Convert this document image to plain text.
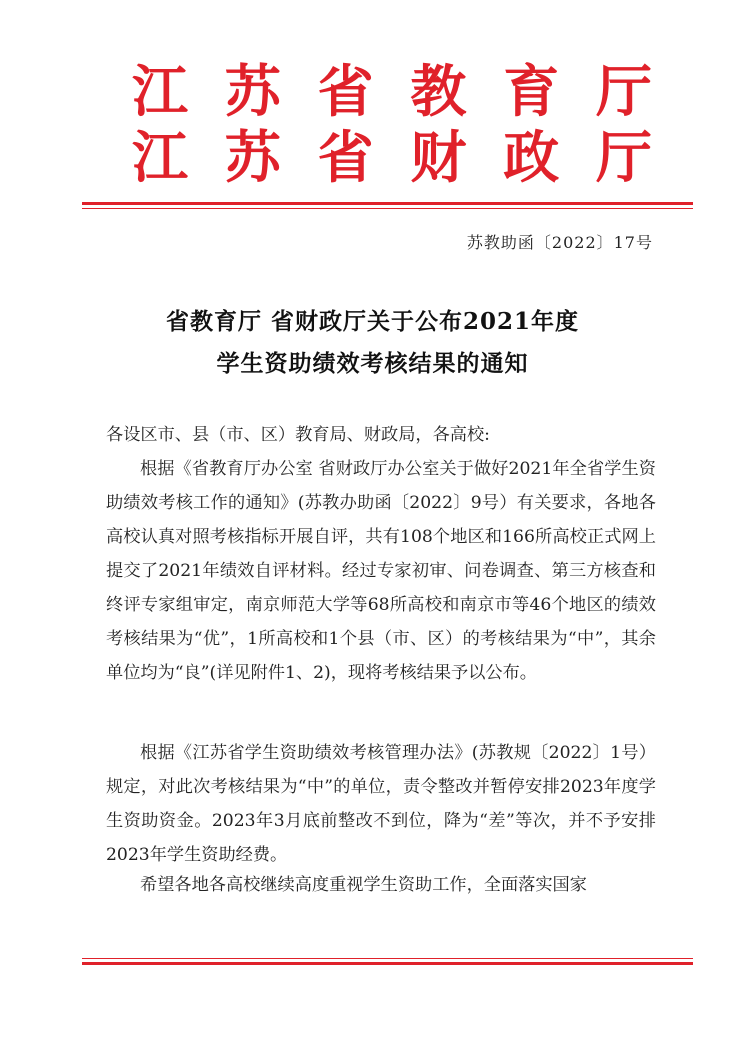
江 苏 省 教 育 厅
江 苏 省 财 政 厅
苏教助函〔2022〕17号
省教育厅 省财政厅关于公布2021年度
学生资助绩效考核结果的通知
各设区市、县（市、区）教育局、财政局，各高校:
根据《省教育厅办公室 省财政厅办公室关于做好2021年全省学生资助绩效考核工作的通知》(苏教办助函〔2022〕9号）有关要求，各地各高校认真对照考核指标开展自评，共有108个地区和166所高校正式网上提交了2021年绩效自评材料。经过专家初审、问卷调查、第三方核查和终评专家组审定，南京师范大学等68所高校和南京市等46个地区的绩效考核结果为“优”，1所高校和1个县（市、区）的考核结果为“中”，其余单位均为“良”(详见附件1、2)，现将考核结果予以公布。
根据《江苏省学生资助绩效考核管理办法》(苏教规〔2022〕1号）规定，对此次考核结果为“中”的单位，责令整改并暂停安排2023年度学生资助资金。2023年3月底前整改不到位，降为“差”等次，并不予安排2023年学生资助经费。
希望各地各高校继续高度重视学生资助工作，全面落实国家
